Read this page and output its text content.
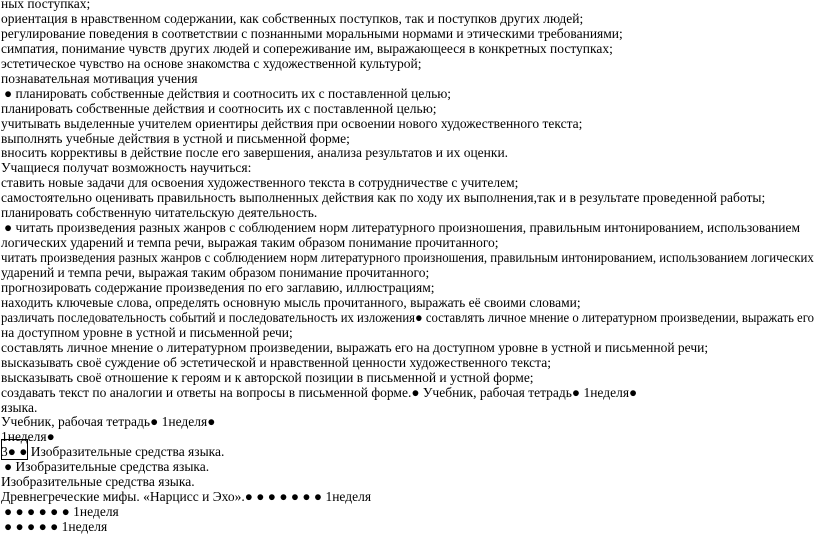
ных поступках;
ориентация в нравственном содержании, как собственных поступков, так и поступков других людей;
регулирование поведения в соответствии с познанными моральными нормами и этическими требованиями;
симпатия, понимание чувств других людей и сопереживание им, выражающееся в конкретных поступках;
эстетическое чувство на основе знакомства с художественной культурой;
познавательная мотивация учения
● планировать собственные действия и соотносить их с поставленной целью;
планировать собственные действия и соотносить их с поставленной целью;
учитывать выделенные учителем ориентиры действия при освоении нового художественного текста;
выполнять учебные действия в устной и письменной форме;
вносить коррективы в действие после его завершения, анализа результатов и их оценки.
Учащиеся получат возможность научиться:
ставить новые задачи для освоения художественного текста в сотрудничестве с учителем;
самостоятельно оценивать правильность выполненных действия как по ходу их выполнения,так и в результате проведенной работы;
планировать собственную читательскую деятельность.
● читать произведения разных жанров с соблюдением норм литературного произношения, правильным интонированием, использованием
логических ударений и темпа речи, выражая таким образом понимание прочитанного;
читать произведения разных жанров с соблюдением норм литературного произношения, правильным интонированием, использованием логических
ударений и темпа речи, выражая таким образом понимание прочитанного;
прогнозировать содержание произведения по его заглавию, иллюстрациям;
находить ключевые слова, определять основную мысль прочитанного, выражать её своими словами;
различать последовательность событий и последовательность их изложения● составлять личное мнение о литературном произведении, выражать его
на доступном уровне в устной и письменной речи;
составлять личное мнение о литературном произведении, выражать его на доступном уровне в устной и письменной речи;
высказывать своё суждение об эстетической и нравственной ценности художественного текста;
высказывать своё отношение к героям и к авторской позиции в письменной и устной форме;
создавать текст по аналогии и ответы на вопросы в письменной форме.● Учебник, рабочая тетрадь● 1неделя●
языка.
Учебник, рабочая тетрадь● 1неделя●
1неделя●
3● ● Изобразительные средства языка.
● Изобразительные средства языка.
Изобразительные средства языка.
Древнегреческие мифы. «Нарцисс и Эхо».● ● ● ● ● ● ● 1неделя
● ● ● ● ● ● 1неделя
● ● ● ● ● 1неделя
